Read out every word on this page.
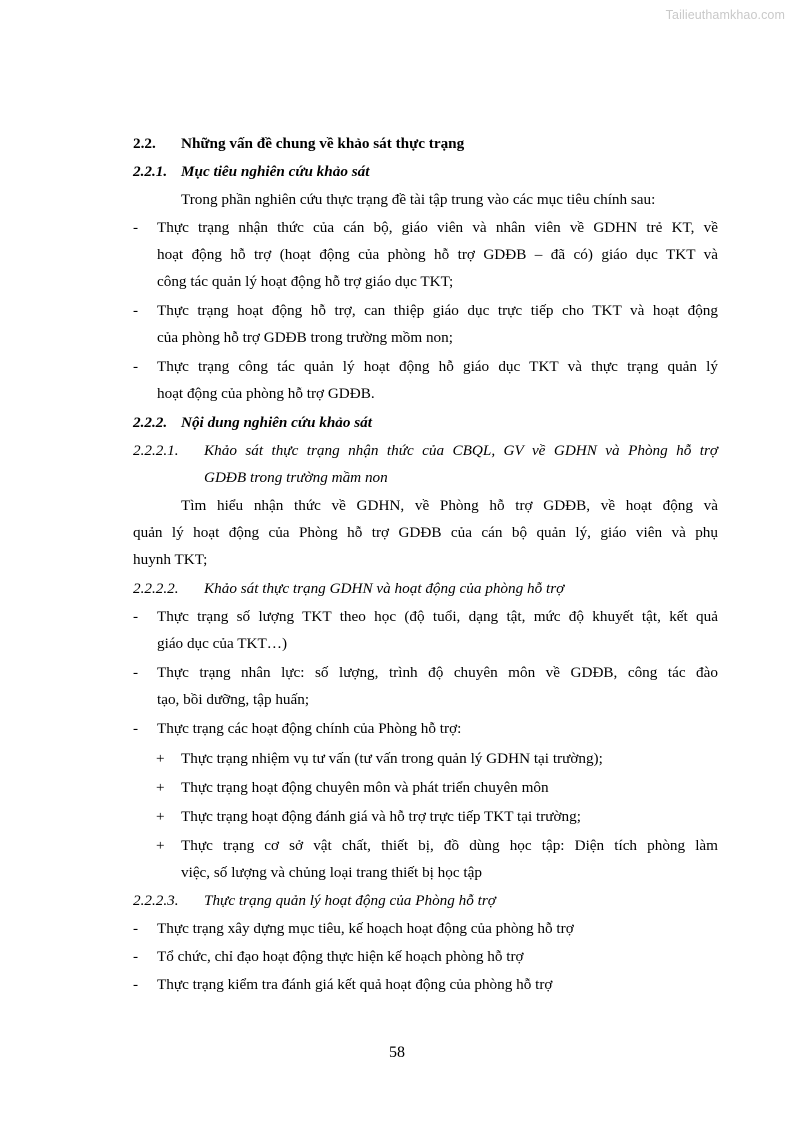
Tailieuthamkhao.com
2.2. Những vấn đề chung về khảo sát thực trạng
2.2.1. Mục tiêu nghiên cứu khảo sát
Trong phần nghiên cứu thực trạng đề tài tập trung vào các mục tiêu chính sau:
- Thực trạng nhận thức của cán bộ, giáo viên và nhân viên về GDHN trẻ KT, về
hoạt động hỗ trợ (hoạt động của phòng hỗ trợ GDĐB – đã có) giáo dục TKT và
công tác quản lý hoạt động hỗ trợ giáo dục TKT;
- Thực trạng hoạt động hỗ trợ, can thiệp giáo dục trực tiếp cho TKT và hoạt động
của phòng hỗ trợ GDĐB trong trường mồm non;
- Thực trạng công tác quản lý hoạt động hỗ giáo dục TKT và thực trạng quản lý
hoạt động của phòng hỗ trợ GDĐB.
2.2.2. Nội dung nghiên cứu khảo sát
2.2.2.1. Khảo sát thực trạng nhận thức của CBQL, GV về GDHN và Phòng hỗ trợ
GDĐB trong trường mầm non
Tìm hiểu nhận thức về GDHN, về Phòng hỗ trợ GDĐB, về hoạt động và
quản lý hoạt động của Phòng hỗ trợ GDĐB của cán bộ quản lý, giáo viên và phụ
huynh TKT;
2.2.2.2. Khảo sát thực trạng GDHN và hoạt động của phòng hỗ trợ
- Thực trạng số lượng TKT theo học (độ tuổi, dạng tật, mức độ khuyết tật, kết quả
giáo dục của TKT…)
- Thực trạng nhân lực: số lượng, trình độ chuyên môn về GDĐB, công tác đào
tạo, bồi dưỡng, tập huấn;
- Thực trạng các hoạt động chính của Phòng hỗ trợ:
+ Thực trạng nhiệm vụ tư vấn (tư vấn trong quản lý GDHN tại trường);
+ Thực trạng hoạt động chuyên môn và phát triển chuyên môn
+ Thực trạng hoạt động đánh giá và hỗ trợ trực tiếp TKT tại trường;
+ Thực trạng cơ sở vật chất, thiết bị, đồ dùng học tập: Diện tích phòng làm
việc, số lượng và chủng loại trang thiết bị học tập
2.2.2.3. Thực trạng quản lý hoạt động của Phòng hỗ trợ
- Thực trạng xây dựng mục tiêu, kế hoạch hoạt động của phòng hỗ trợ
- Tổ chức, chỉ đạo hoạt động thực hiện kế hoạch phòng hỗ trợ
- Thực trạng kiểm tra đánh giá kết quả hoạt động của phòng hỗ trợ
58
